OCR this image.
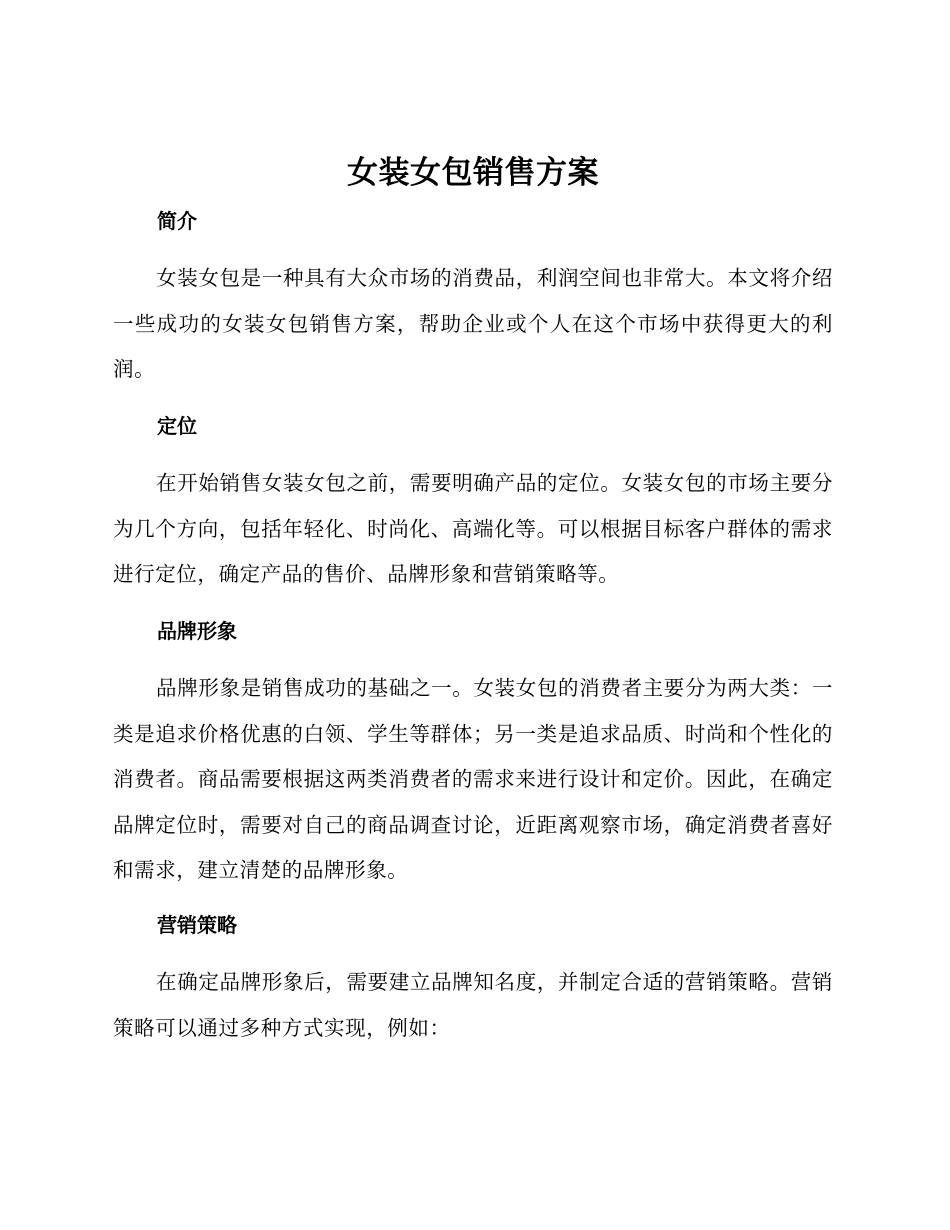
女装女包销售方案
简介

女装女包是一种具有大众市场的消费品，利润空间也非常大。本文将介绍一些成功的女装女包销售方案，帮助企业或个人在这个市场中获得更大的利润。

定位

在开始销售女装女包之前，需要明确产品的定位。女装女包的市场主要分为几个方向，包括年轻化、时尚化、高端化等。可以根据目标客户群体的需求进行定位，确定产品的售价、品牌形象和营销策略等。

品牌形象

品牌形象是销售成功的基础之一。女装女包的消费者主要分为两大类：一类是追求价格优惠的白领、学生等群体；另一类是追求品质、时尚和个性化的消费者。商品需要根据这两类消费者的需求来进行设计和定价。因此，在确定品牌定位时，需要对自己的商品调查讨论，近距离观察市场，确定消费者喜好和需求，建立清楚的品牌形象。

营销策略

在确定品牌形象后，需要建立品牌知名度，并制定合适的营销策略。营销策略可以通过多种方式实现，例如：
